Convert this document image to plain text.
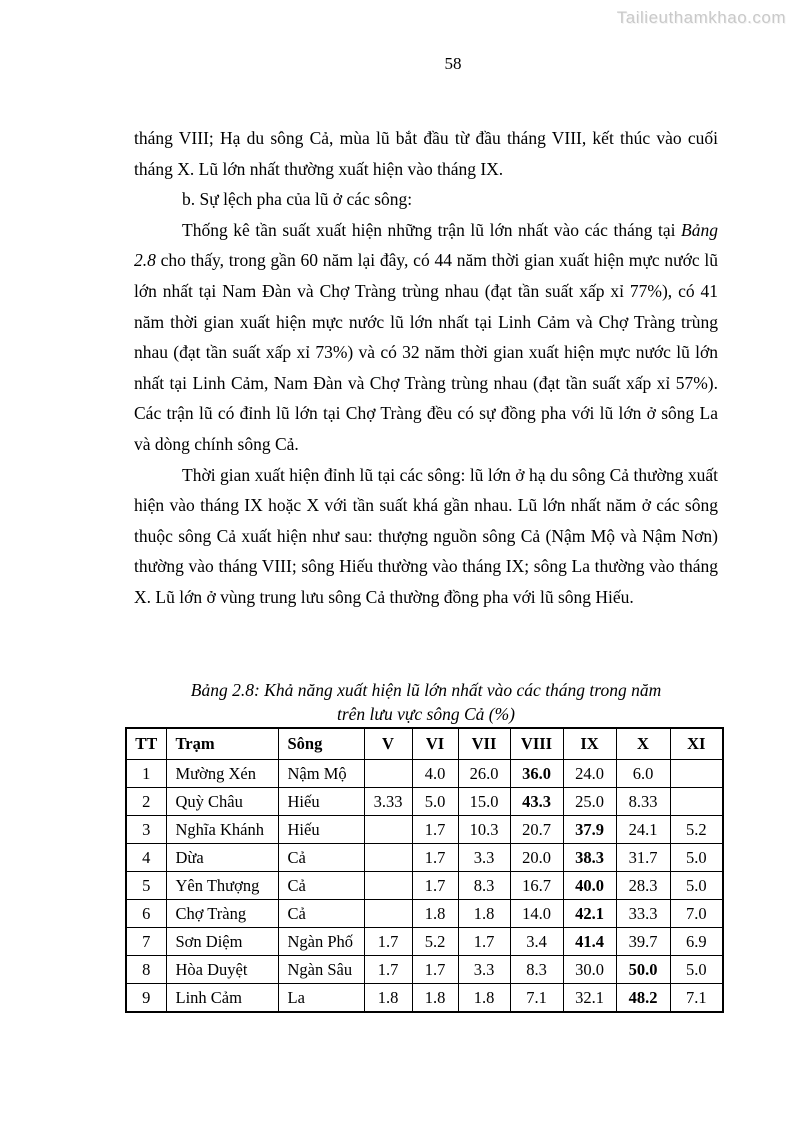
Tailieuthamkhao.com
58

tháng VIII; Hạ du sông Cả, mùa lũ bắt đầu từ đầu tháng VIII, kết thúc vào cuối tháng X. Lũ lớn nhất thường xuất hiện vào tháng IX.

b. Sự lệch pha của lũ ở các sông:

Thống kê tần suất xuất hiện những trận lũ lớn nhất vào các tháng tại Bảng 2.8 cho thấy, trong gần 60 năm lại đây, có 44 năm thời gian xuất hiện mực nước lũ lớn nhất tại Nam Đàn và Chợ Tràng trùng nhau (đạt tần suất xấp xỉ 77%), có 41 năm thời gian xuất hiện mực nước lũ lớn nhất tại Linh Cảm và Chợ Tràng trùng nhau (đạt tần suất xấp xỉ 73%) và có 32 năm thời gian xuất hiện mực nước lũ lớn nhất tại Linh Cảm, Nam Đàn và Chợ Tràng trùng nhau (đạt tần suất xấp xỉ 57%). Các trận lũ có đỉnh lũ lớn tại Chợ Tràng đều có sự đồng pha với lũ lớn ở sông La và dòng chính sông Cả.

Thời gian xuất hiện đỉnh lũ tại các sông: lũ lớn ở hạ du sông Cả thường xuất hiện vào tháng IX hoặc X với tần suất khá gần nhau. Lũ lớn nhất năm ở các sông thuộc sông Cả xuất hiện như sau: thượng nguồn sông Cả (Nậm Mộ và Nậm Nơn) thường vào tháng VIII; sông Hiếu thường vào tháng IX; sông La thường vào tháng X. Lũ lớn ở vùng trung lưu sông Cả thường đồng pha với lũ sông Hiếu.

Bảng 2.8: Khả năng xuất hiện lũ lớn nhất vào các tháng trong năm
trên lưu vực sông Cả (%)
TT	Trạm	Sông	V	VI	VII	VIII	IX	X	XI
1	Mường Xén	Nậm Mộ		4.0	26.0	36.0	24.0	6.0	
2	Quỳ Châu	Hiếu	3.33	5.0	15.0	43.3	25.0	8.33	
3	Nghĩa Khánh	Hiếu		1.7	10.3	20.7	37.9	24.1	5.2
4	Dừa	Cả		1.7	3.3	20.0	38.3	31.7	5.0
5	Yên Thượng	Cả		1.7	8.3	16.7	40.0	28.3	5.0
6	Chợ Tràng	Cả		1.8	1.8	14.0	42.1	33.3	7.0
7	Sơn Diệm	Ngàn Phố	1.7	5.2	1.7	3.4	41.4	39.7	6.9
8	Hòa Duyệt	Ngàn Sâu	1.7	1.7	3.3	8.3	30.0	50.0	5.0
9	Linh Cảm	La	1.8	1.8	1.8	7.1	32.1	48.2	7.1
